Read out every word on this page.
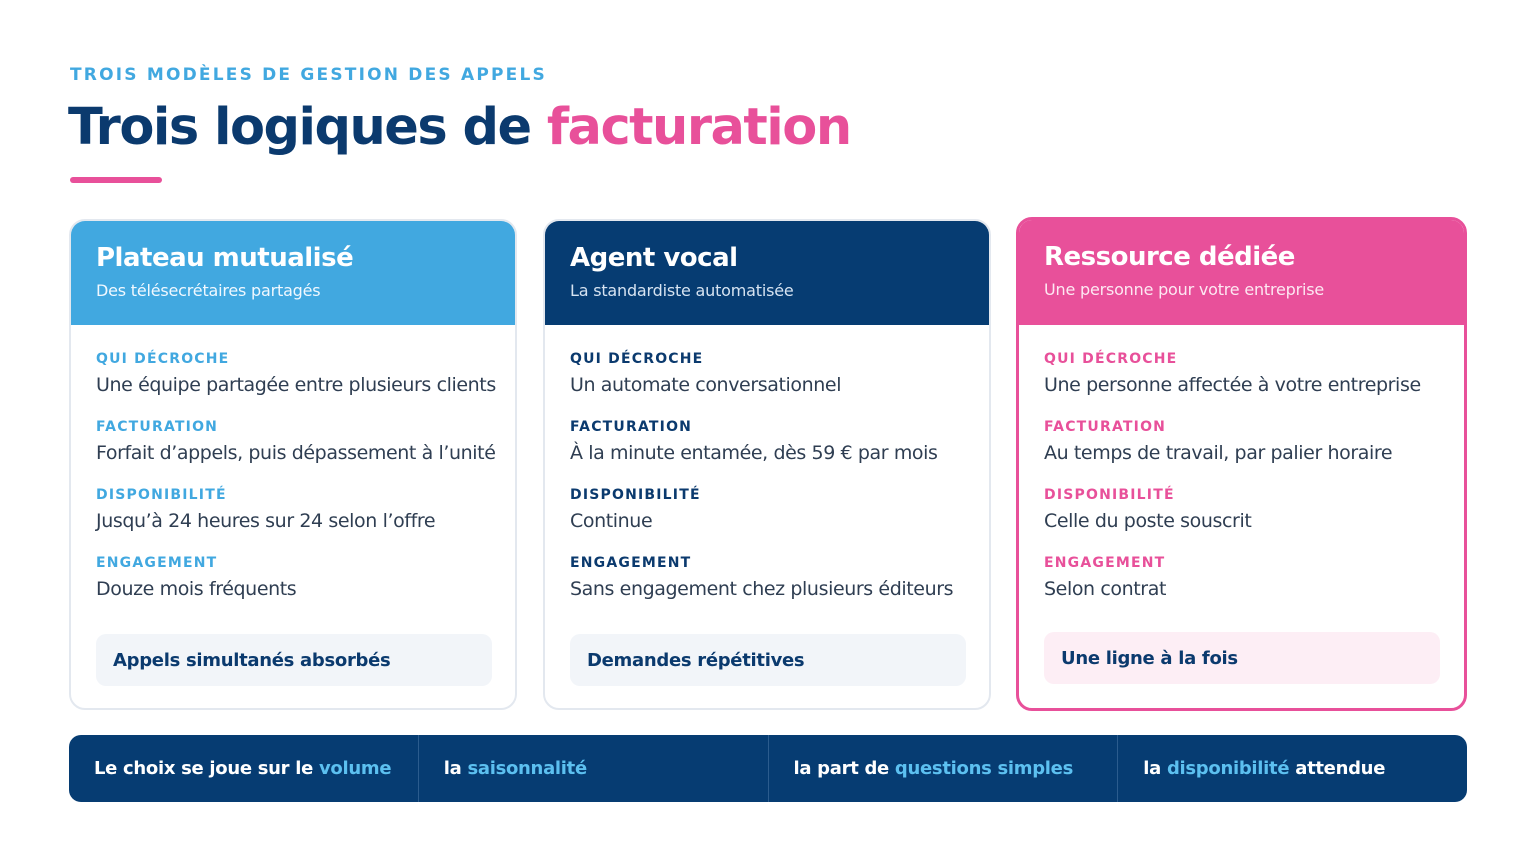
TROIS MODÈLES DE GESTION DES APPELS
Trois logiques de facturation
Plateau mutualisé
Des télésecrétaires partagés
QUI DÉCROCHE
Une équipe partagée entre plusieurs clients
FACTURATION
Forfait d’appels, puis dépassement à l’unité
DISPONIBILITÉ
Jusqu’à 24 heures sur 24 selon l’offre
ENGAGEMENT
Douze mois fréquents
Appels simultanés absorbés
Agent vocal
La standardiste automatisée
QUI DÉCROCHE
Un automate conversationnel
FACTURATION
À la minute entamée, dès 59 € par mois
DISPONIBILITÉ
Continue
ENGAGEMENT
Sans engagement chez plusieurs éditeurs
Demandes répétitives
Ressource dédiée
Une personne pour votre entreprise
QUI DÉCROCHE
Une personne affectée à votre entreprise
FACTURATION
Au temps de travail, par palier horaire
DISPONIBILITÉ
Celle du poste souscrit
ENGAGEMENT
Selon contrat
Une ligne à la fois
Le choix se joue sur le volume	la saisonnalité	la part de questions simples	la disponibilité attendue
